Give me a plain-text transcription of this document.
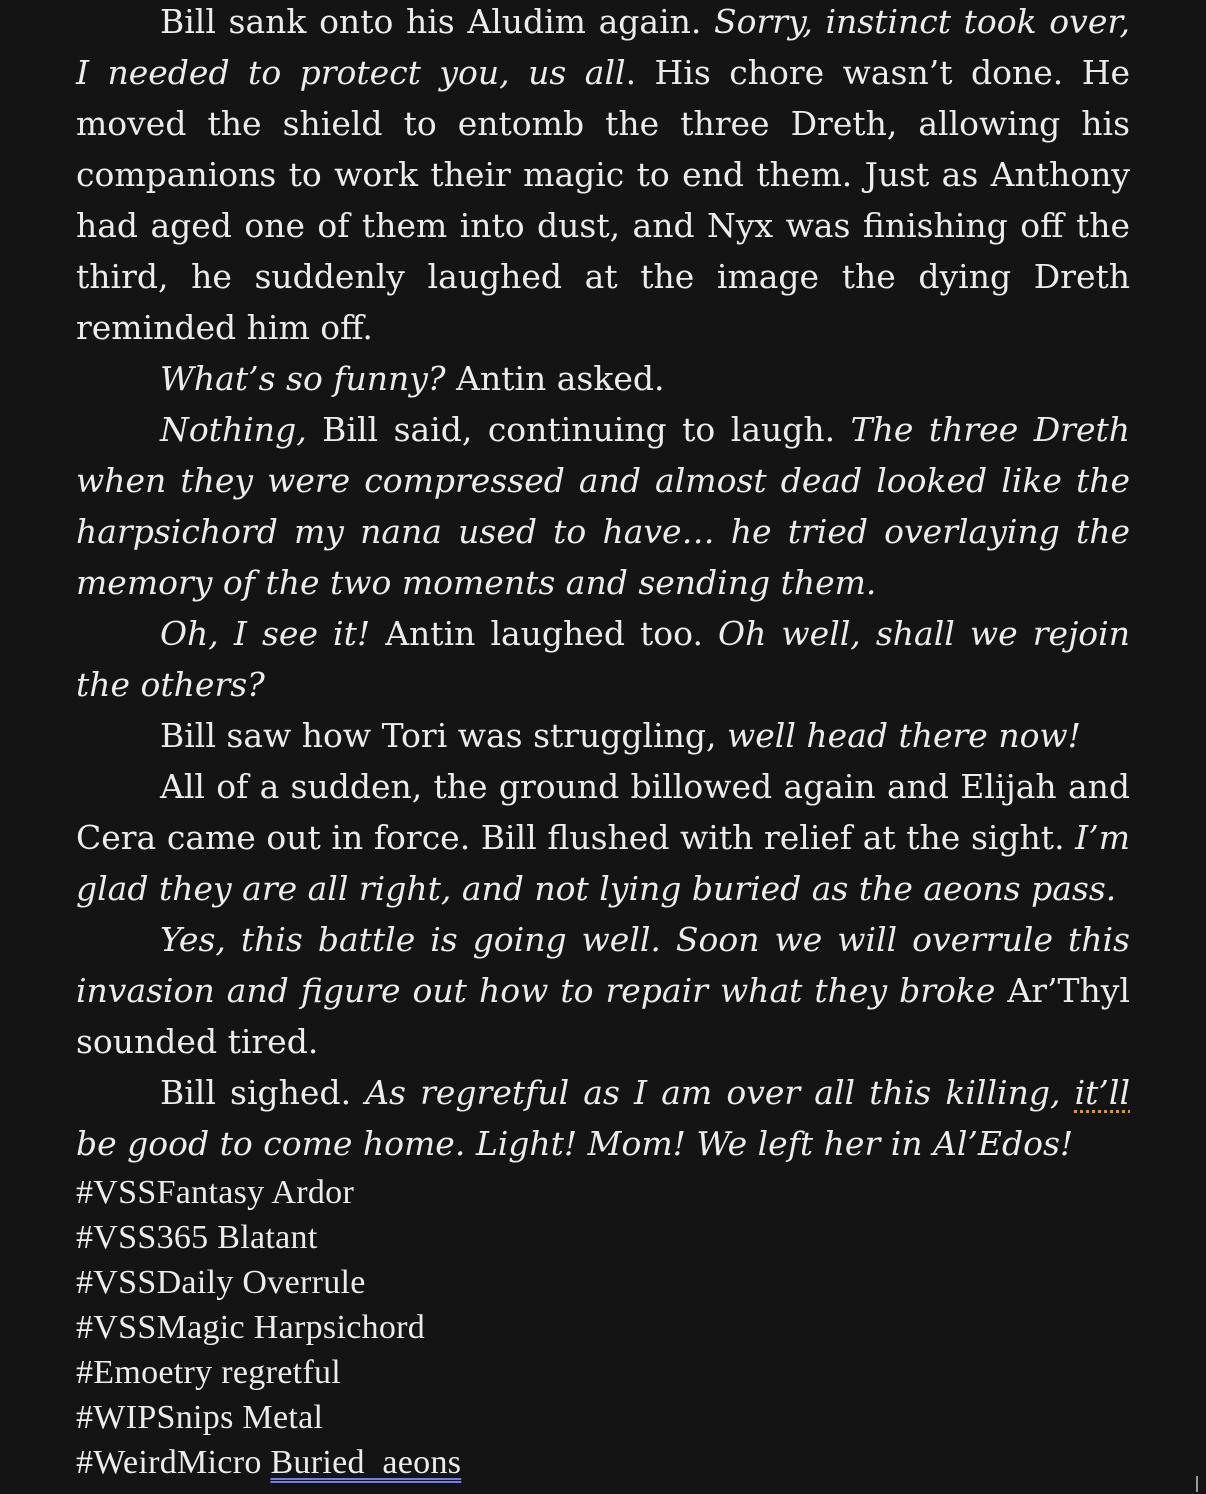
Bill sank onto his Aludim again. Sorry, instinct took over, I needed to protect you, us all. His chore wasn’t done. He moved the shield to entomb the three Dreth, allowing his companions to work their magic to end them. Just as Anthony had aged one of them into dust, and Nyx was finishing off the third, he suddenly laughed at the image the dying Dreth reminded him off.

What’s so funny? Antin asked.

Nothing, Bill said, continuing to laugh. The three Dreth when they were compressed and almost dead looked like the harpsichord my nana used to have… he tried overlaying the memory of the two moments and sending them.

Oh, I see it! Antin laughed too. Oh well, shall we rejoin the others?

Bill saw how Tori was struggling, well head there now!

All of a sudden, the ground billowed again and Elijah and Cera came out in force. Bill flushed with relief at the sight. I’m glad they are all right, and not lying buried as the aeons pass.

Yes, this battle is going well. Soon we will overrule this invasion and figure out how to repair what they broke Ar’Thyl sounded tired.

Bill sighed. As regretful as I am over all this killing, it’ll be good to come home. Light! Mom! We left her in Al’Edos!

#VSSFantasy Ardor

#VSS365 Blatant

#VSSDaily Overrule

#VSSMagic Harpsichord

#Emoetry regretful

#WIPSnips Metal

#WeirdMicro Buried  aeons
